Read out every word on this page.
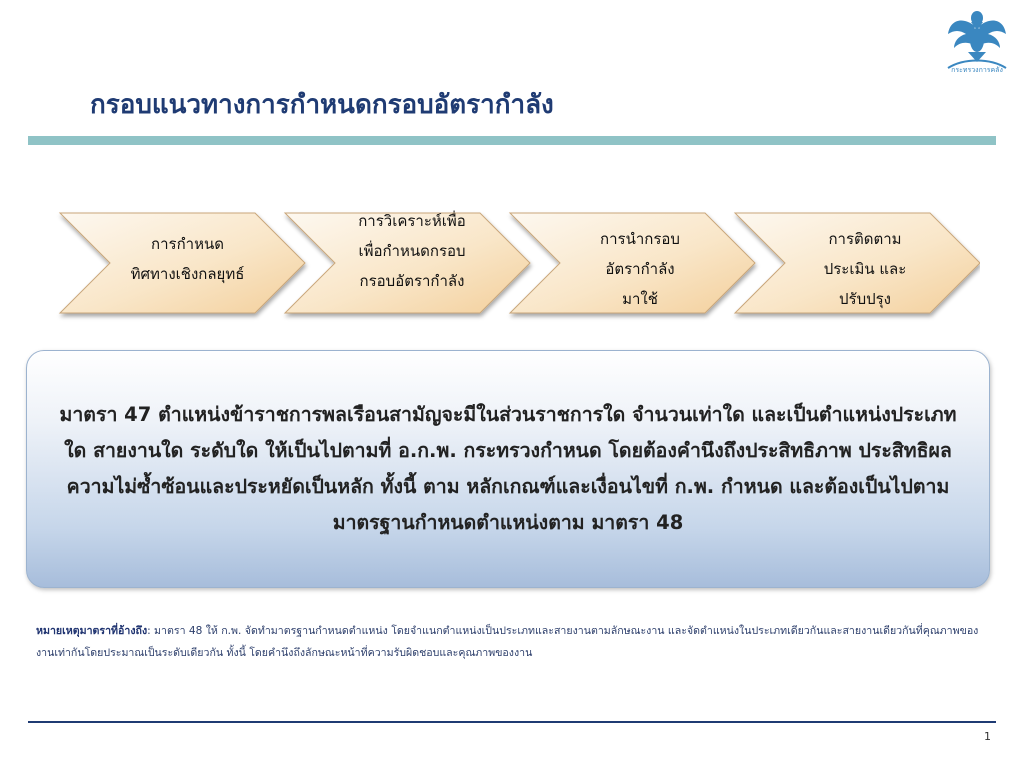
กรอบแนวทางการกำหนดกรอบอัตรากำลัง
กระทรวงการคลัง
การกำหนด
ทิศทางเชิงกลยุทธ์
การวิเคราะห์เพื่อ
เพื่อกำหนดกรอบ
กรอบอัตรากำลัง
การนำกรอบ
อัตรากำลัง
มาใช้
การติดตาม
ประเมิน และ
ปรับปรุง
มาตรา 47 ตำแหน่งข้าราชการพลเรือนสามัญจะมีในส่วนราชการใด จำนวนเท่าใด และเป็นตำแหน่งประเภทใด สายงานใด ระดับใด ให้เป็นไปตามที่ อ.ก.พ. กระทรวงกำหนด โดยต้องคำนึงถึงประสิทธิภาพ ประสิทธิผล ความไม่ซ้ำซ้อนและประหยัดเป็นหลัก ทั้งนี้ ตาม หลักเกณฑ์และเงื่อนไขที่ ก.พ. กำหนด และต้องเป็นไปตามมาตรฐานกำหนดตำแหน่งตาม มาตรา 48
หมายเหตุมาตราที่อ้างถึง: มาตรา 48 ให้ ก.พ. จัดทำมาตรฐานกำหนดตำแหน่ง โดยจำแนกตำแหน่งเป็นประเภทและสายงานตามลักษณะงาน และจัดตำแหน่งในประเภทเดียวกันและสายงานเดียวกันที่คุณภาพของงานเท่ากันโดยประมาณเป็นระดับเดียวกัน ทั้งนี้ โดยคำนึงถึงลักษณะหน้าที่ความรับผิดชอบและคุณภาพของงาน
1
